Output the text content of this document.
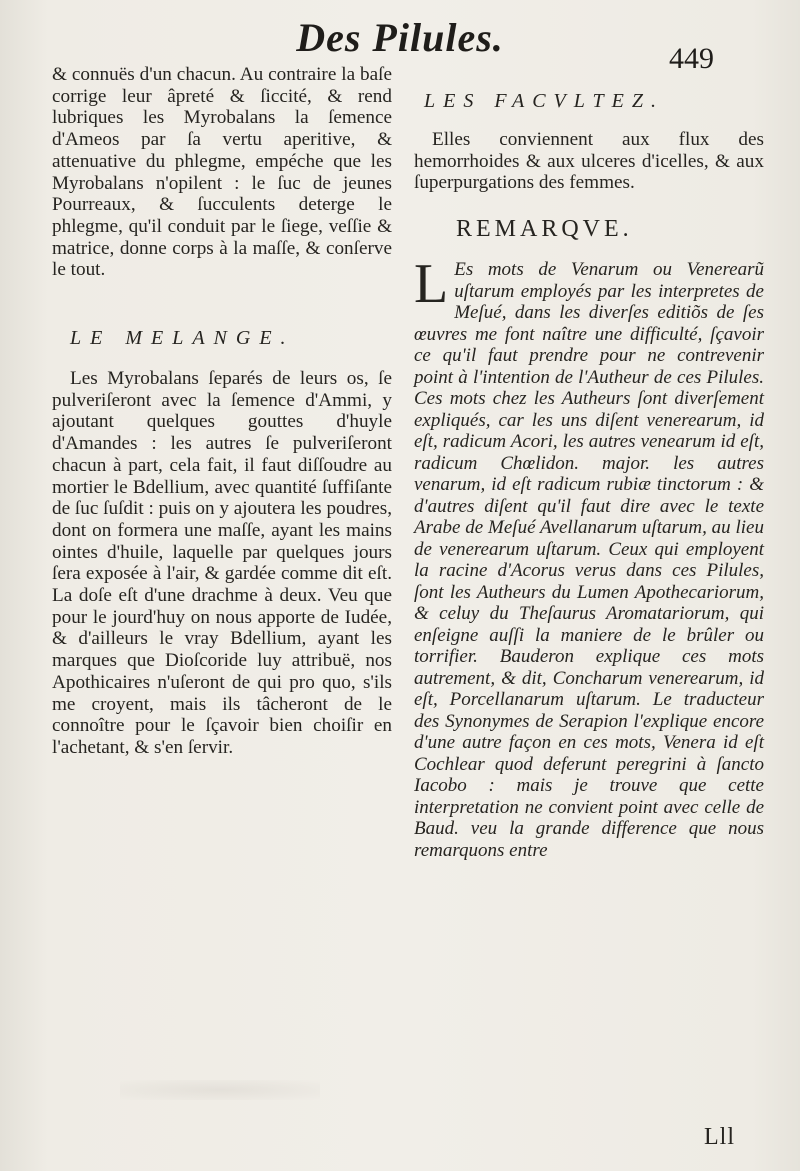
Des Pilules.	449

& connuës d'un chacun. Au contraire la baſe corrige leur âpreté & ſiccité, & rend lubriques les Myrobalans la ſemence d'Ameos par ſa vertu aperitive, & attenuative du phlegme, empéche que les Myrobalans n'opilent : le ſuc de jeunes Pourreaux, & ſucculents deterge le phlegme, qu'il conduit par le ſiege, veſſie & matrice, donne corps à la maſſe, & conſerve le tout.

LE MELANGE.

Les Myrobalans ſeparés de leurs os, ſe pulveriſeront avec la ſemence d'Ammi, y ajoutant quelques gouttes d'huyle d'Amandes : les autres ſe pulveriſeront chacun à part, cela fait, il faut diſſoudre au mortier le Bdellium, avec quantité ſuffiſante de ſuc ſuſdit : puis on y ajoutera les poudres, dont on formera une maſſe, ayant les mains ointes d'huile, laquelle par quelques jours ſera exposée à l'air, & gardée comme dit eſt. La doſe eſt d'une drachme à deux. Veu que pour le jourd'huy on nous apporte de Iudée, & d'ailleurs le vray Bdellium, ayant les marques que Dioſcoride luy attribuë, nos Apothicaires n'uſeront de qui pro quo, s'ils me croyent, mais ils tâcheront de le connoître pour le ſçavoir bien choiſir en l'achetant, & s'en ſervir.

LES FACVLTEZ.

Elles conviennent aux flux des hemorrhoides & aux ulceres d'icelles, & aux ſuperpurgations des femmes.

REMARQVE.

L Es mots de Venarum ou Venerearũ uſtarum employés par les interpretes de Meſué, dans les diverſes editiõs de ſes œuvres me font naître une difficulté, ſçavoir ce qu'il faut prendre pour ne contrevenir point à l'intention de l'Autheur de ces Pilules. Ces mots chez les Autheurs ſont diverſement expliqués, car les uns diſent venerearum, id eſt, radicum Acori, les autres venearum id eſt, radicum Chœlidon. major. les autres venarum, id eſt radicum rubiæ tinctorum : & d'autres diſent qu'il faut dire avec le texte Arabe de Meſué Avellanarum uſtarum, au lieu de venerearum uſtarum. Ceux qui employent la racine d'Acorus verus dans ces Pilules, ſont les Autheurs du Lumen Apothecariorum, & celuy du Theſaurus Aromatariorum, qui enſeigne auſſi la maniere de le brûler ou torrifier. Bauderon explique ces mots autrement, & dit, Concharum venerearum, id eſt, Porcellanarum uſtarum. Le traducteur des Synonymes de Serapion l'explique encore d'une autre façon en ces mots, Venera id eſt Cochlear quod deferunt peregrini à ſancto Iacobo : mais je trouve que cette interpretation ne convient point avec celle de Baud. veu la grande difference que nous remarquons entre

Lll
